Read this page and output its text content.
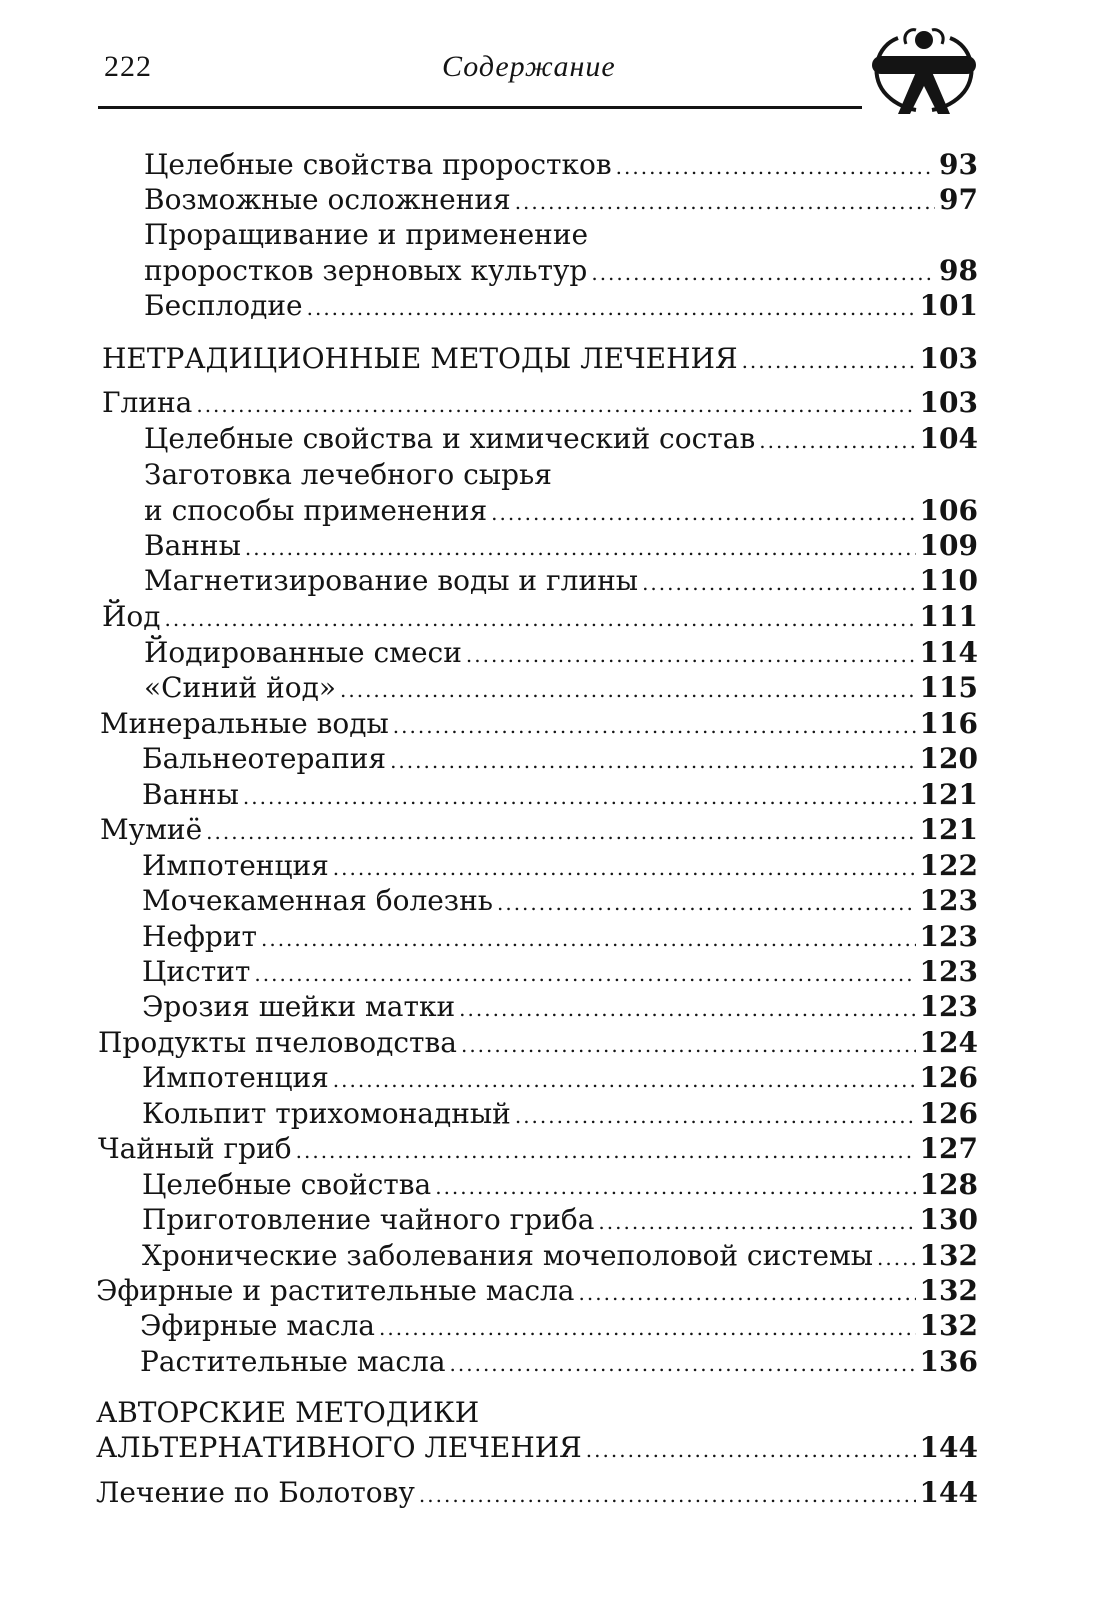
222	Содержание
Целебные свойства проростков .....	93
Возможные осложнения .....	97
Проращивание и применение
проростков зерновых культур .....	98
Бесплодие .....	101
НЕТРАДИЦИОННЫЕ МЕТОДЫ ЛЕЧЕНИЯ .....	103
Глина .....	103
Целебные свойства и химический состав .....	104
Заготовка лечебного сырья
и способы применения .....	106
Ванны .....	109
Магнетизирование воды и глины .....	110
Йод .....	111
Йодированные смеси .....	114
«Синий йод» .....	115
Минеральные воды .....	116
Бальнеотерапия .....	120
Ванны .....	121
Мумиё .....	121
Импотенция .....	122
Мочекаменная болезнь .....	123
Нефрит .....	123
Цистит .....	123
Эрозия шейки матки .....	123
Продукты пчеловодства .....	124
Импотенция .....	126
Кольпит трихомонадный .....	126
Чайный гриб .....	127
Целебные свойства .....	128
Приготовление чайного гриба .....	130
Хронические заболевания мочеполовой системы ..... 132
Эфирные и растительные масла .....	132
Эфирные масла .....	132
Растительные масла .....	136
АВТОРСКИЕ МЕТОДИКИ
АЛЬТЕРНАТИВНОГО ЛЕЧЕНИЯ .....	144
Лечение по Болотову .....	144
